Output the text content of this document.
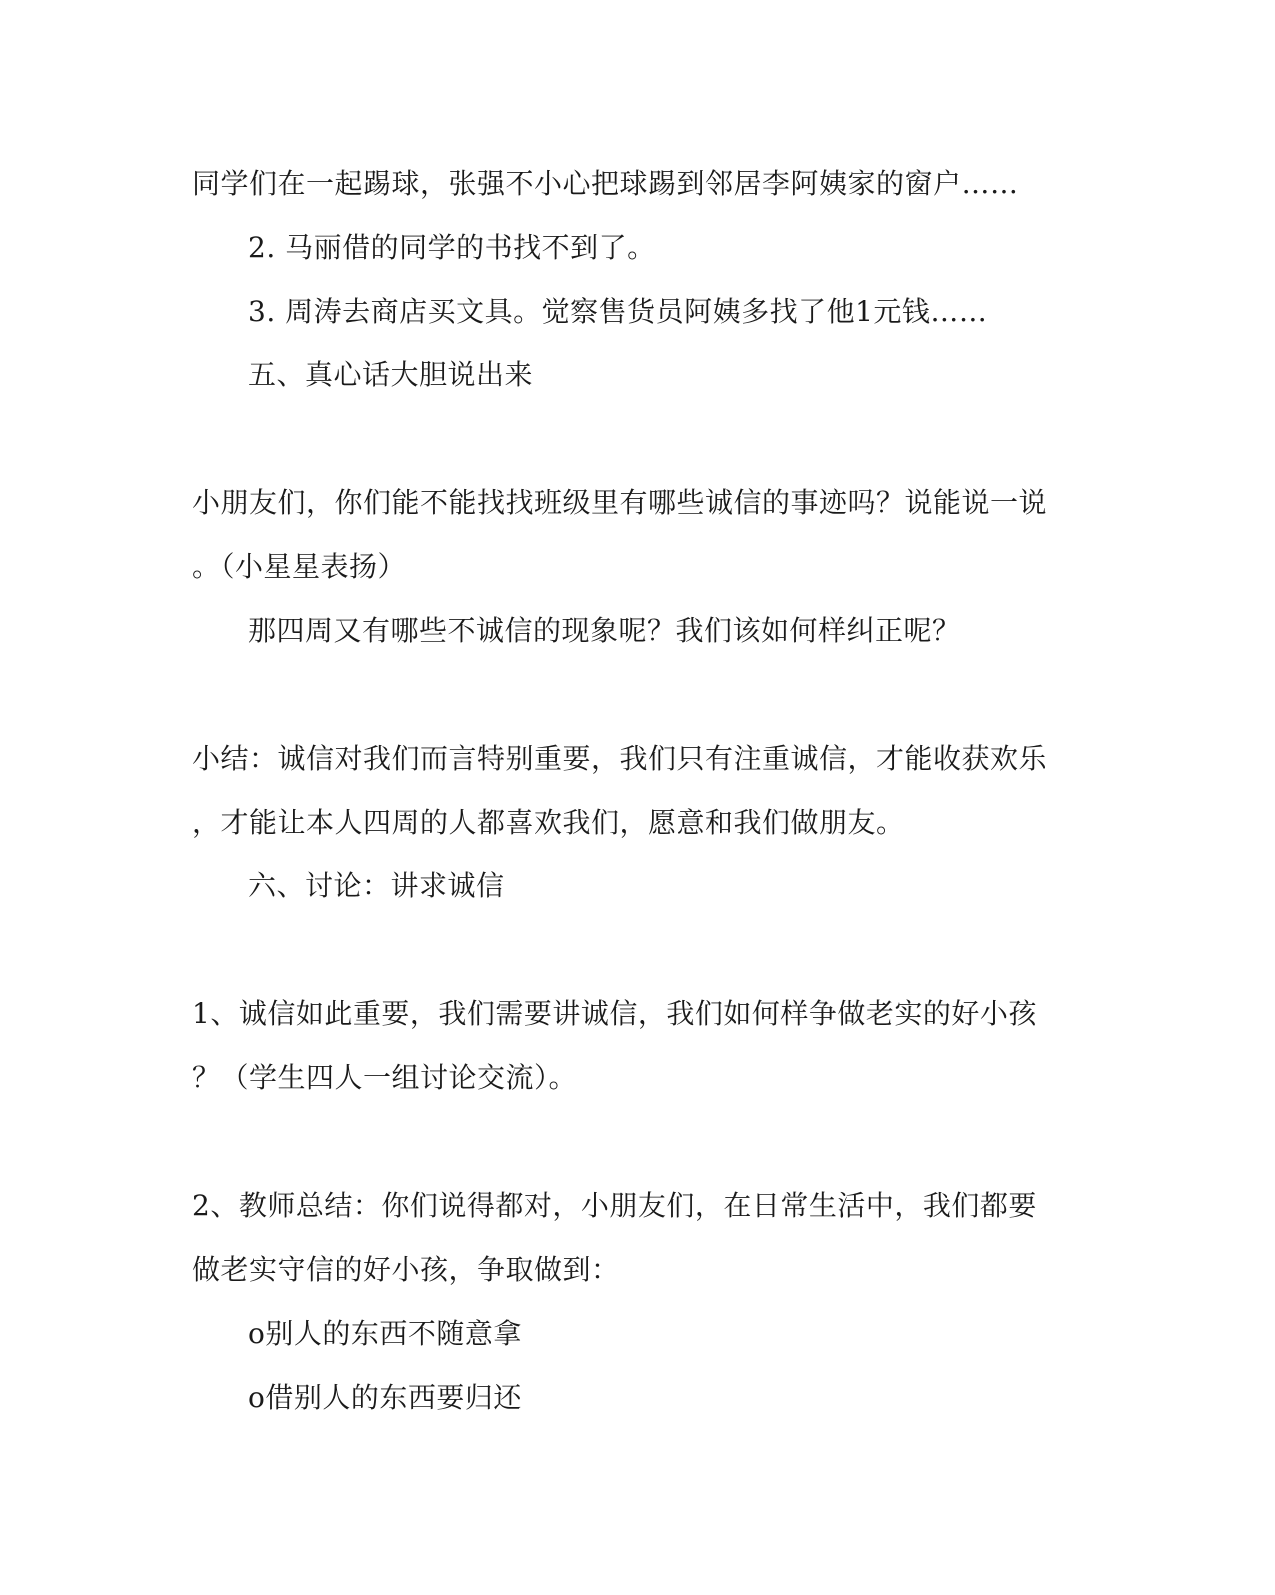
同学们在一起踢球，张强不小心把球踢到邻居李阿姨家的窗户……
2. 马丽借的同学的书找不到了。
3. 周涛去商店买文具。觉察售货员阿姨多找了他1元钱……
五、真心话大胆说出来
小朋友们，你们能不能找找班级里有哪些诚信的事迹吗？说能说一说
。（小星星表扬）
那四周又有哪些不诚信的现象呢？我们该如何样纠正呢？
小结：诚信对我们而言特别重要，我们只有注重诚信，才能收获欢乐
，才能让本人四周的人都喜欢我们，愿意和我们做朋友。
六、讨论：讲求诚信
1、诚信如此重要，我们需要讲诚信，我们如何样争做老实的好小孩
？（学生四人一组讨论交流）。
2、教师总结：你们说得都对，小朋友们，在日常生活中，我们都要
做老实守信的好小孩，争取做到：
o别人的东西不随意拿
o借别人的东西要归还
